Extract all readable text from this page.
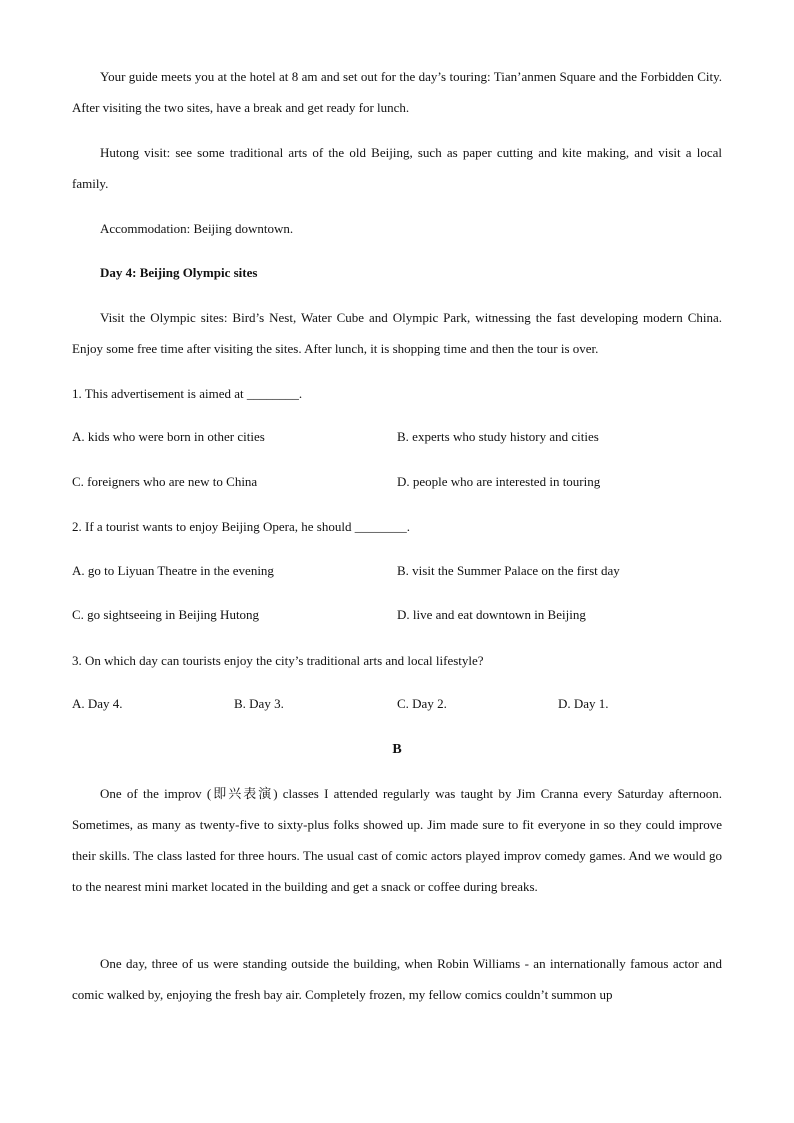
Your guide meets you at the hotel at 8 am and set out for the day’s touring: Tian’anmen Square and the Forbidden City. After visiting the two sites, have a break and get ready for lunch.

Hutong visit: see some traditional arts of the old Beijing, such as paper cutting and kite making, and visit a local family.

Accommodation: Beijing downtown.

Day 4: Beijing Olympic sites

Visit the Olympic sites: Bird’s Nest, Water Cube and Olympic Park, witnessing the fast developing modern China. Enjoy some free time after visiting the sites. After lunch, it is shopping time and then the tour is over.

1. This advertisement is aimed at ________.

A. kids who were born in other cities	B. experts who study history and cities
C. foreigners who are new to China	D. people who are interested in touring

2. If a tourist wants to enjoy Beijing Opera, he should ________.

A. go to Liyuan Theatre in the evening	B. visit the Summer Palace on the first day
C. go sightseeing in Beijing Hutong	D. live and eat downtown in Beijing

3. On which day can tourists enjoy the city’s traditional arts and local lifestyle?

A. Day 4.	B. Day 3.	C. Day 2.	D. Day 1.

B

One of the improv (即兴表演) classes I attended regularly was taught by Jim Cranna every Saturday afternoon. Sometimes, as many as twenty-five to sixty-plus folks showed up. Jim made sure to fit everyone in so they could improve their skills. The class lasted for three hours. The usual cast of comic actors played improv comedy games. And we would go to the nearest mini market located in the building and get a snack or coffee during breaks.

One day, three of us were standing outside the building, when Robin Williams - an internationally famous actor and comic walked by, enjoying the fresh bay air. Completely frozen, my fellow comics couldn’t summon up
